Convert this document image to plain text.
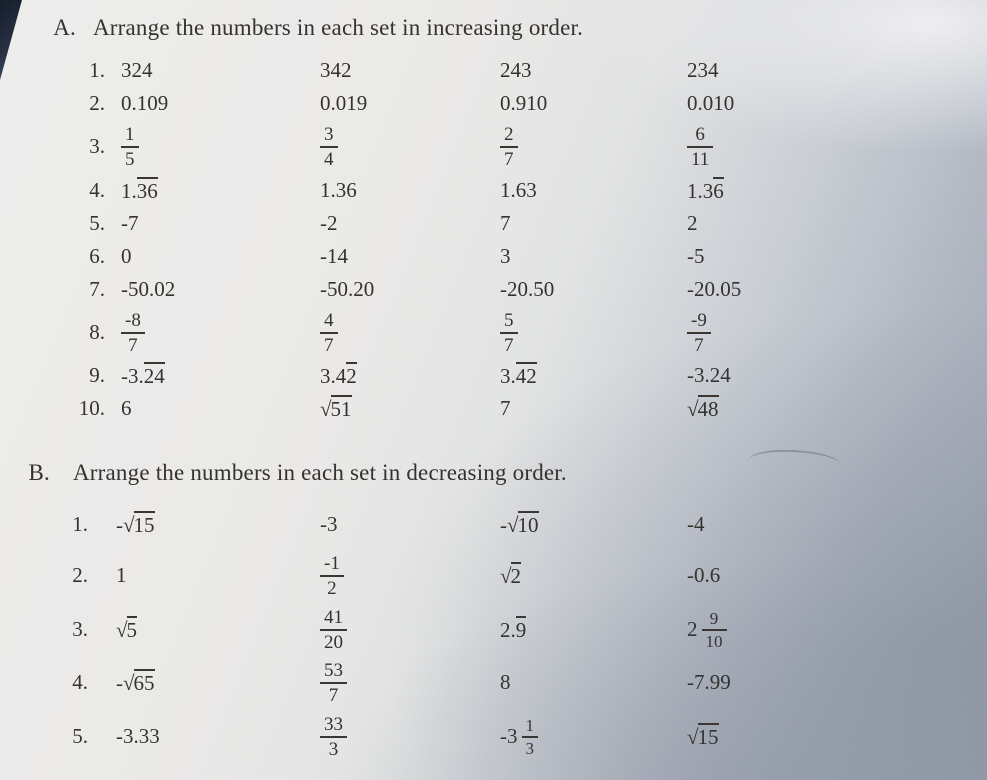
A. Arrange the numbers in each set in increasing order.
1. 324	342	243	234
2. 0.109	0.019	0.910	0.010
3. $\frac{1}{5}$	$\frac{3}{4}$	$\frac{2}{7}$	$\frac{6}{11}$
4. 1.36	1.36	1.63	1.36
5. -7	-2	7	2
6. 0	-14	3	-5
7. -50.02	-50.20	-20.50	-20.05
8. $\frac{-8}{7}$	$\frac{4}{7}$	$\frac{5}{7}$	$\frac{-9}{7}$
9. -3.24	3.42	3.42	-3.24
10. 6	√51	7	√48
B.	Arrange the numbers in each set in decreasing order.
1.	-√15	-3	-√10	-4
2.	1	$\frac{-1}{2}$	√2	-0.6
3.	√5	$\frac{41}{20}$	2.9	$2 \frac{9}{10}$
4.	-√65	$\frac{53}{7}$	8	-7.99
5.	-3.33	$\frac{33}{3}$	$-3 \frac{1}{3}$	√15
